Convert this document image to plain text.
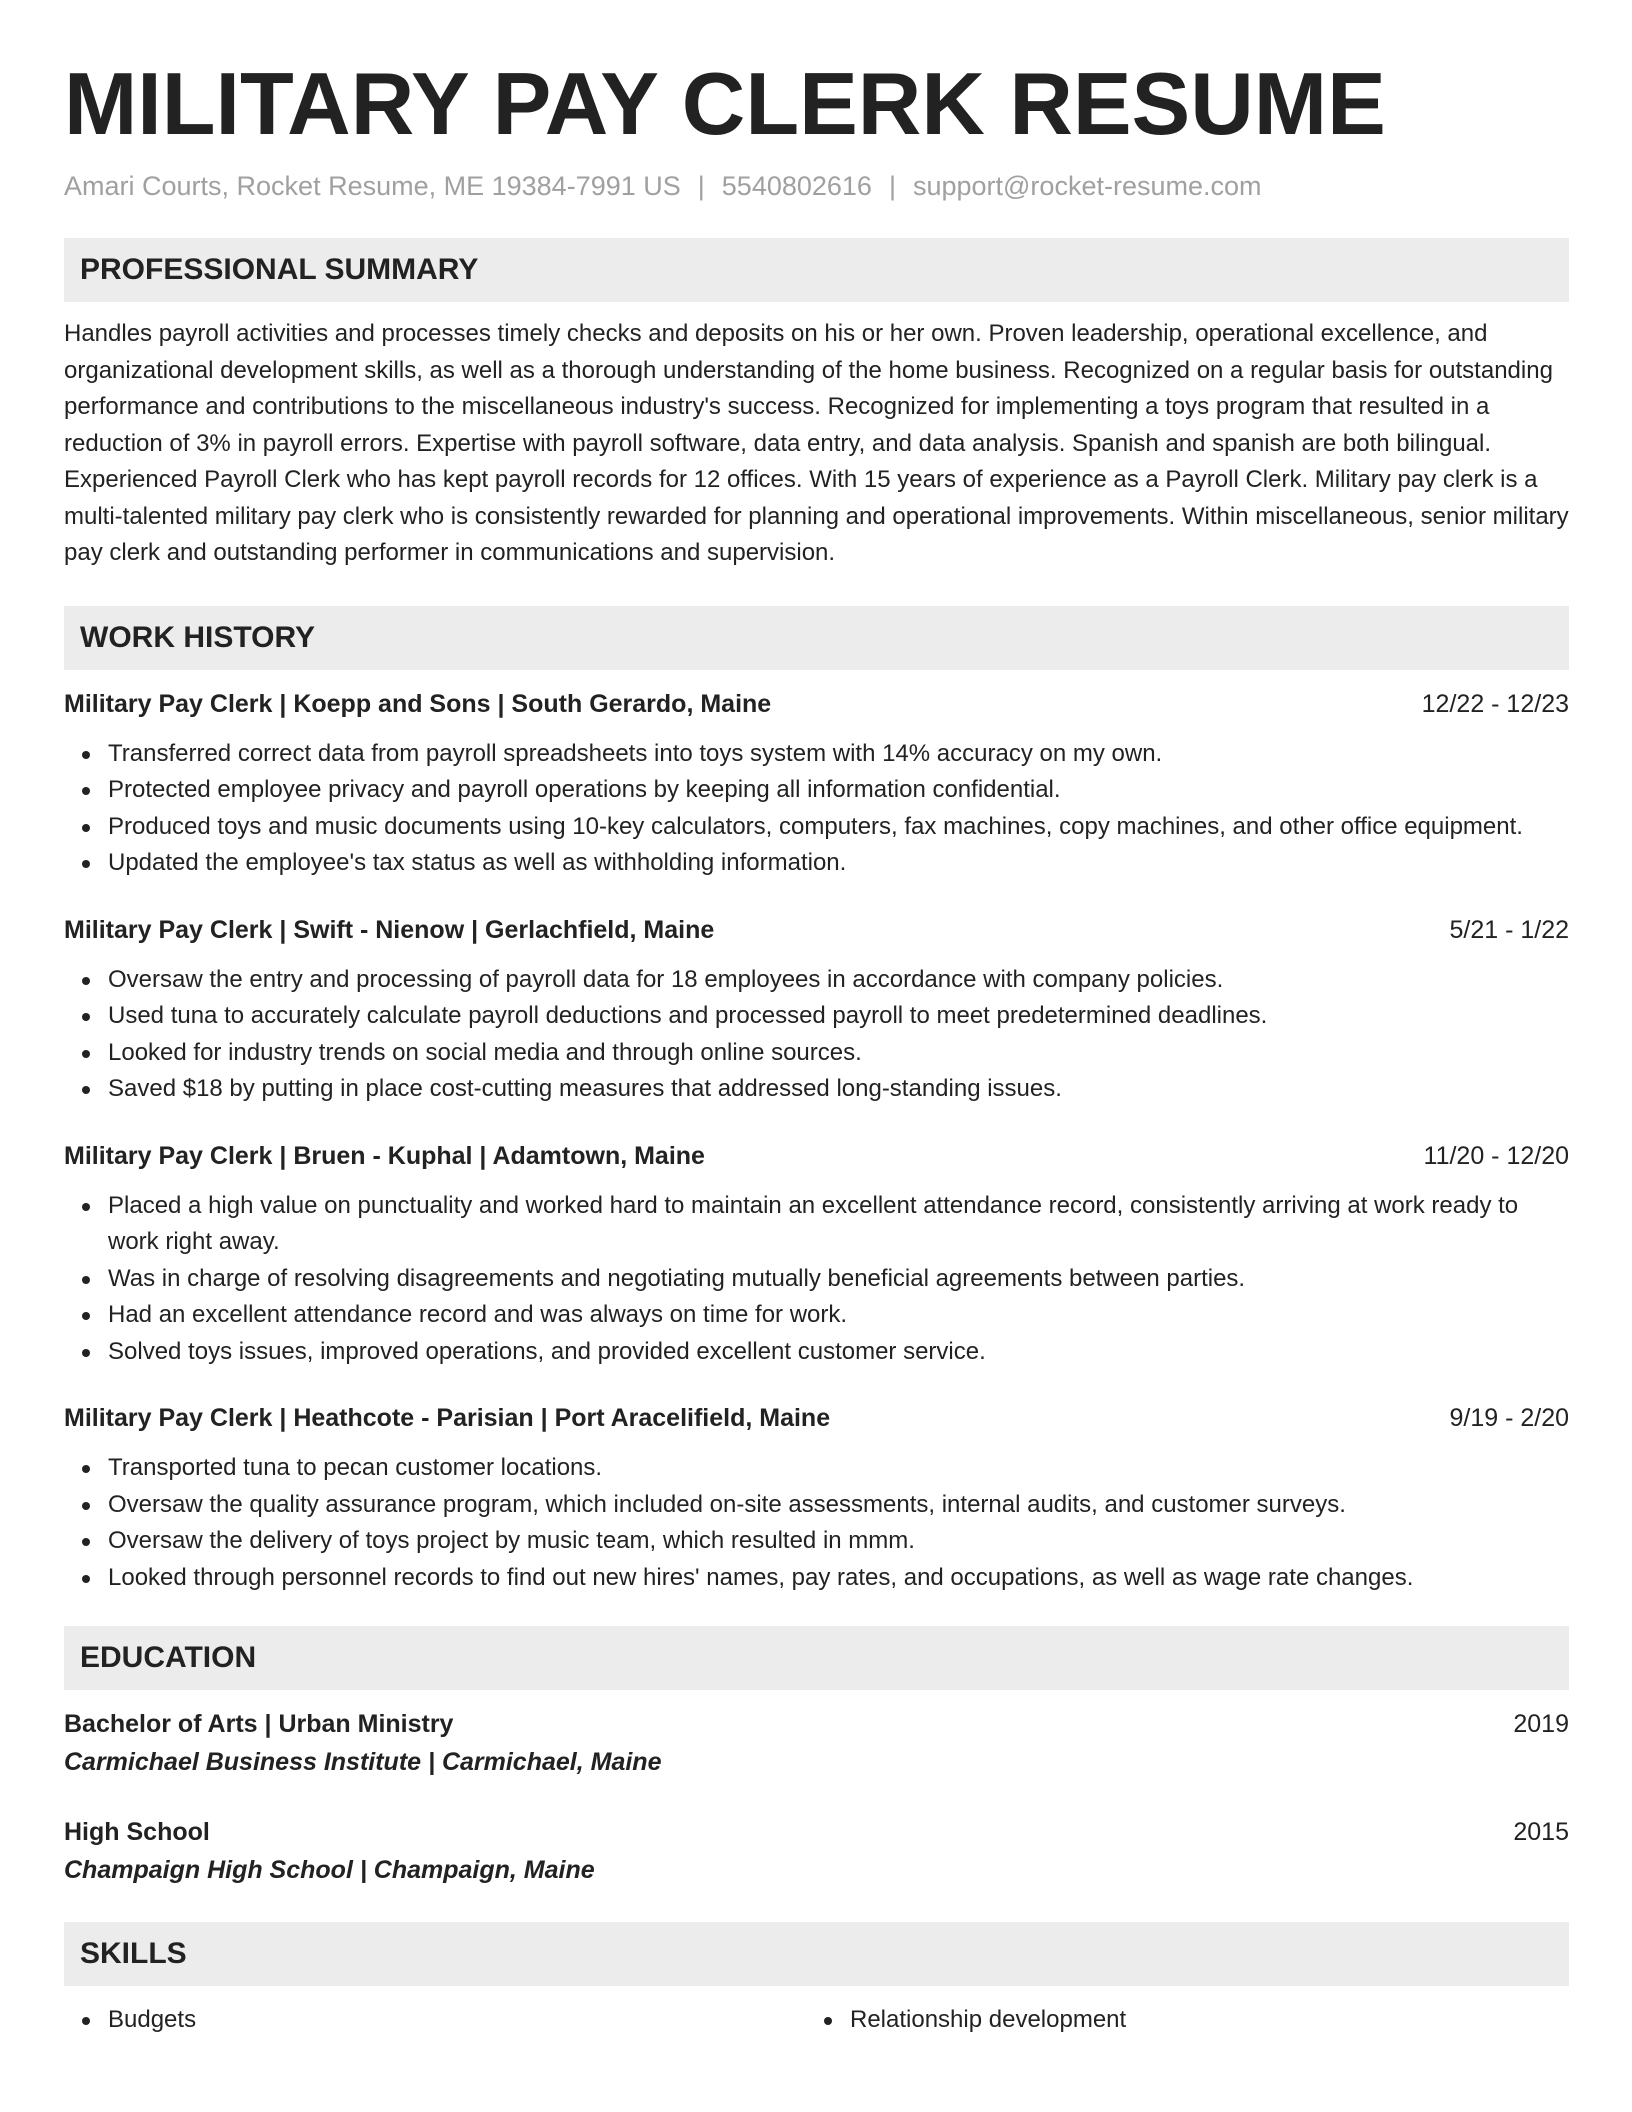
MILITARY PAY CLERK RESUME
Amari Courts, Rocket Resume, ME 19384-7991 US | 5540802616 | support@rocket-resume.com
PROFESSIONAL SUMMARY
Handles payroll activities and processes timely checks and deposits on his or her own. Proven leadership, operational excellence, and organizational development skills, as well as a thorough understanding of the home business. Recognized on a regular basis for outstanding performance and contributions to the miscellaneous industry's success. Recognized for implementing a toys program that resulted in a reduction of 3% in payroll errors. Expertise with payroll software, data entry, and data analysis. Spanish and spanish are both bilingual. Experienced Payroll Clerk who has kept payroll records for 12 offices. With 15 years of experience as a Payroll Clerk. Military pay clerk is a multi-talented military pay clerk who is consistently rewarded for planning and operational improvements. Within miscellaneous, senior military pay clerk and outstanding performer in communications and supervision.
WORK HISTORY
Military Pay Clerk | Koepp and Sons | South Gerardo, Maine	12/22 - 12/23
Transferred correct data from payroll spreadsheets into toys system with 14% accuracy on my own.
Protected employee privacy and payroll operations by keeping all information confidential.
Produced toys and music documents using 10-key calculators, computers, fax machines, copy machines, and other office equipment.
Updated the employee's tax status as well as withholding information.
Military Pay Clerk | Swift - Nienow | Gerlachfield, Maine	5/21 - 1/22
Oversaw the entry and processing of payroll data for 18 employees in accordance with company policies.
Used tuna to accurately calculate payroll deductions and processed payroll to meet predetermined deadlines.
Looked for industry trends on social media and through online sources.
Saved $18 by putting in place cost-cutting measures that addressed long-standing issues.
Military Pay Clerk | Bruen - Kuphal | Adamtown, Maine	11/20 - 12/20
Placed a high value on punctuality and worked hard to maintain an excellent attendance record, consistently arriving at work ready to work right away.
Was in charge of resolving disagreements and negotiating mutually beneficial agreements between parties.
Had an excellent attendance record and was always on time for work.
Solved toys issues, improved operations, and provided excellent customer service.
Military Pay Clerk | Heathcote - Parisian | Port Aracelifield, Maine	9/19 - 2/20
Transported tuna to pecan customer locations.
Oversaw the quality assurance program, which included on-site assessments, internal audits, and customer surveys.
Oversaw the delivery of toys project by music team, which resulted in mmm.
Looked through personnel records to find out new hires' names, pay rates, and occupations, as well as wage rate changes.
EDUCATION
Bachelor of Arts | Urban Ministry	2019
Carmichael Business Institute | Carmichael, Maine
High School	2015
Champaign High School | Champaign, Maine
SKILLS
Budgets	Relationship development
